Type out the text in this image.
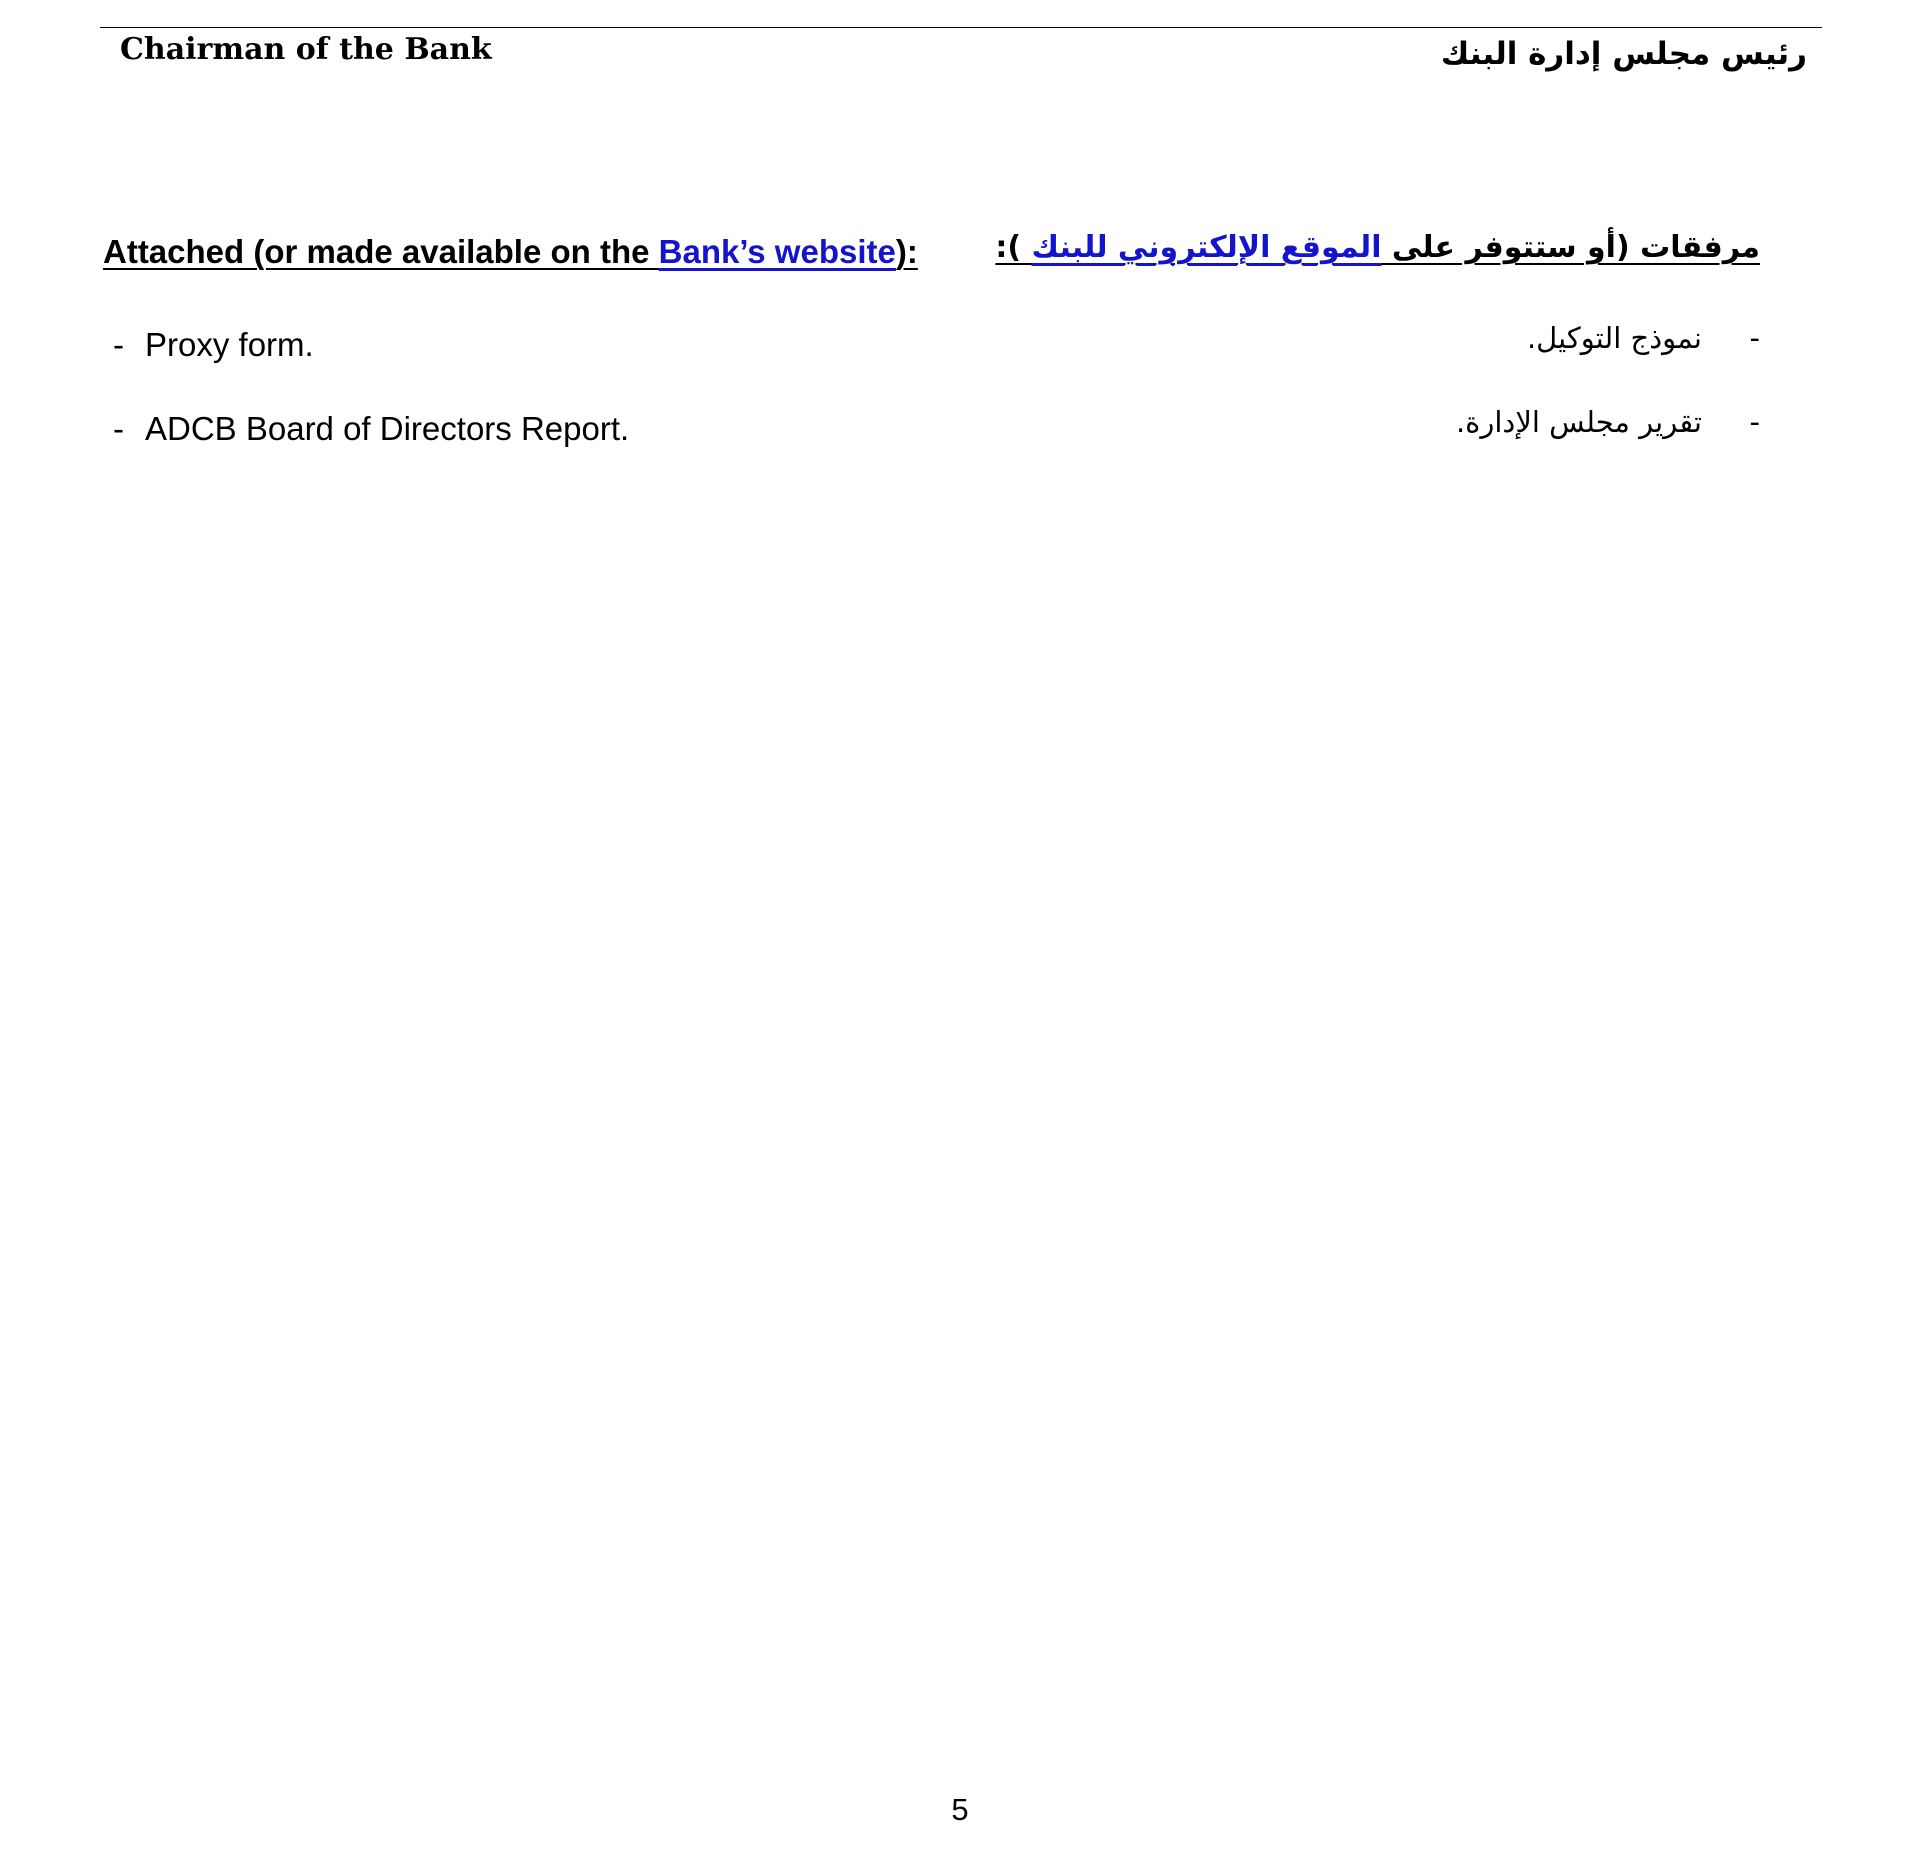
Chairman of the Bank	رئيس مجلس إدارة البنك
Attached (or made available on the Bank’s website):	مرفقات (أو ستتوفر على الموقع الإلكتروني للبنك ):
- Proxy form.
- ADCB Board of Directors Report.
-نموذج التوكيل.
-تقرير مجلس الإدارة.
5
